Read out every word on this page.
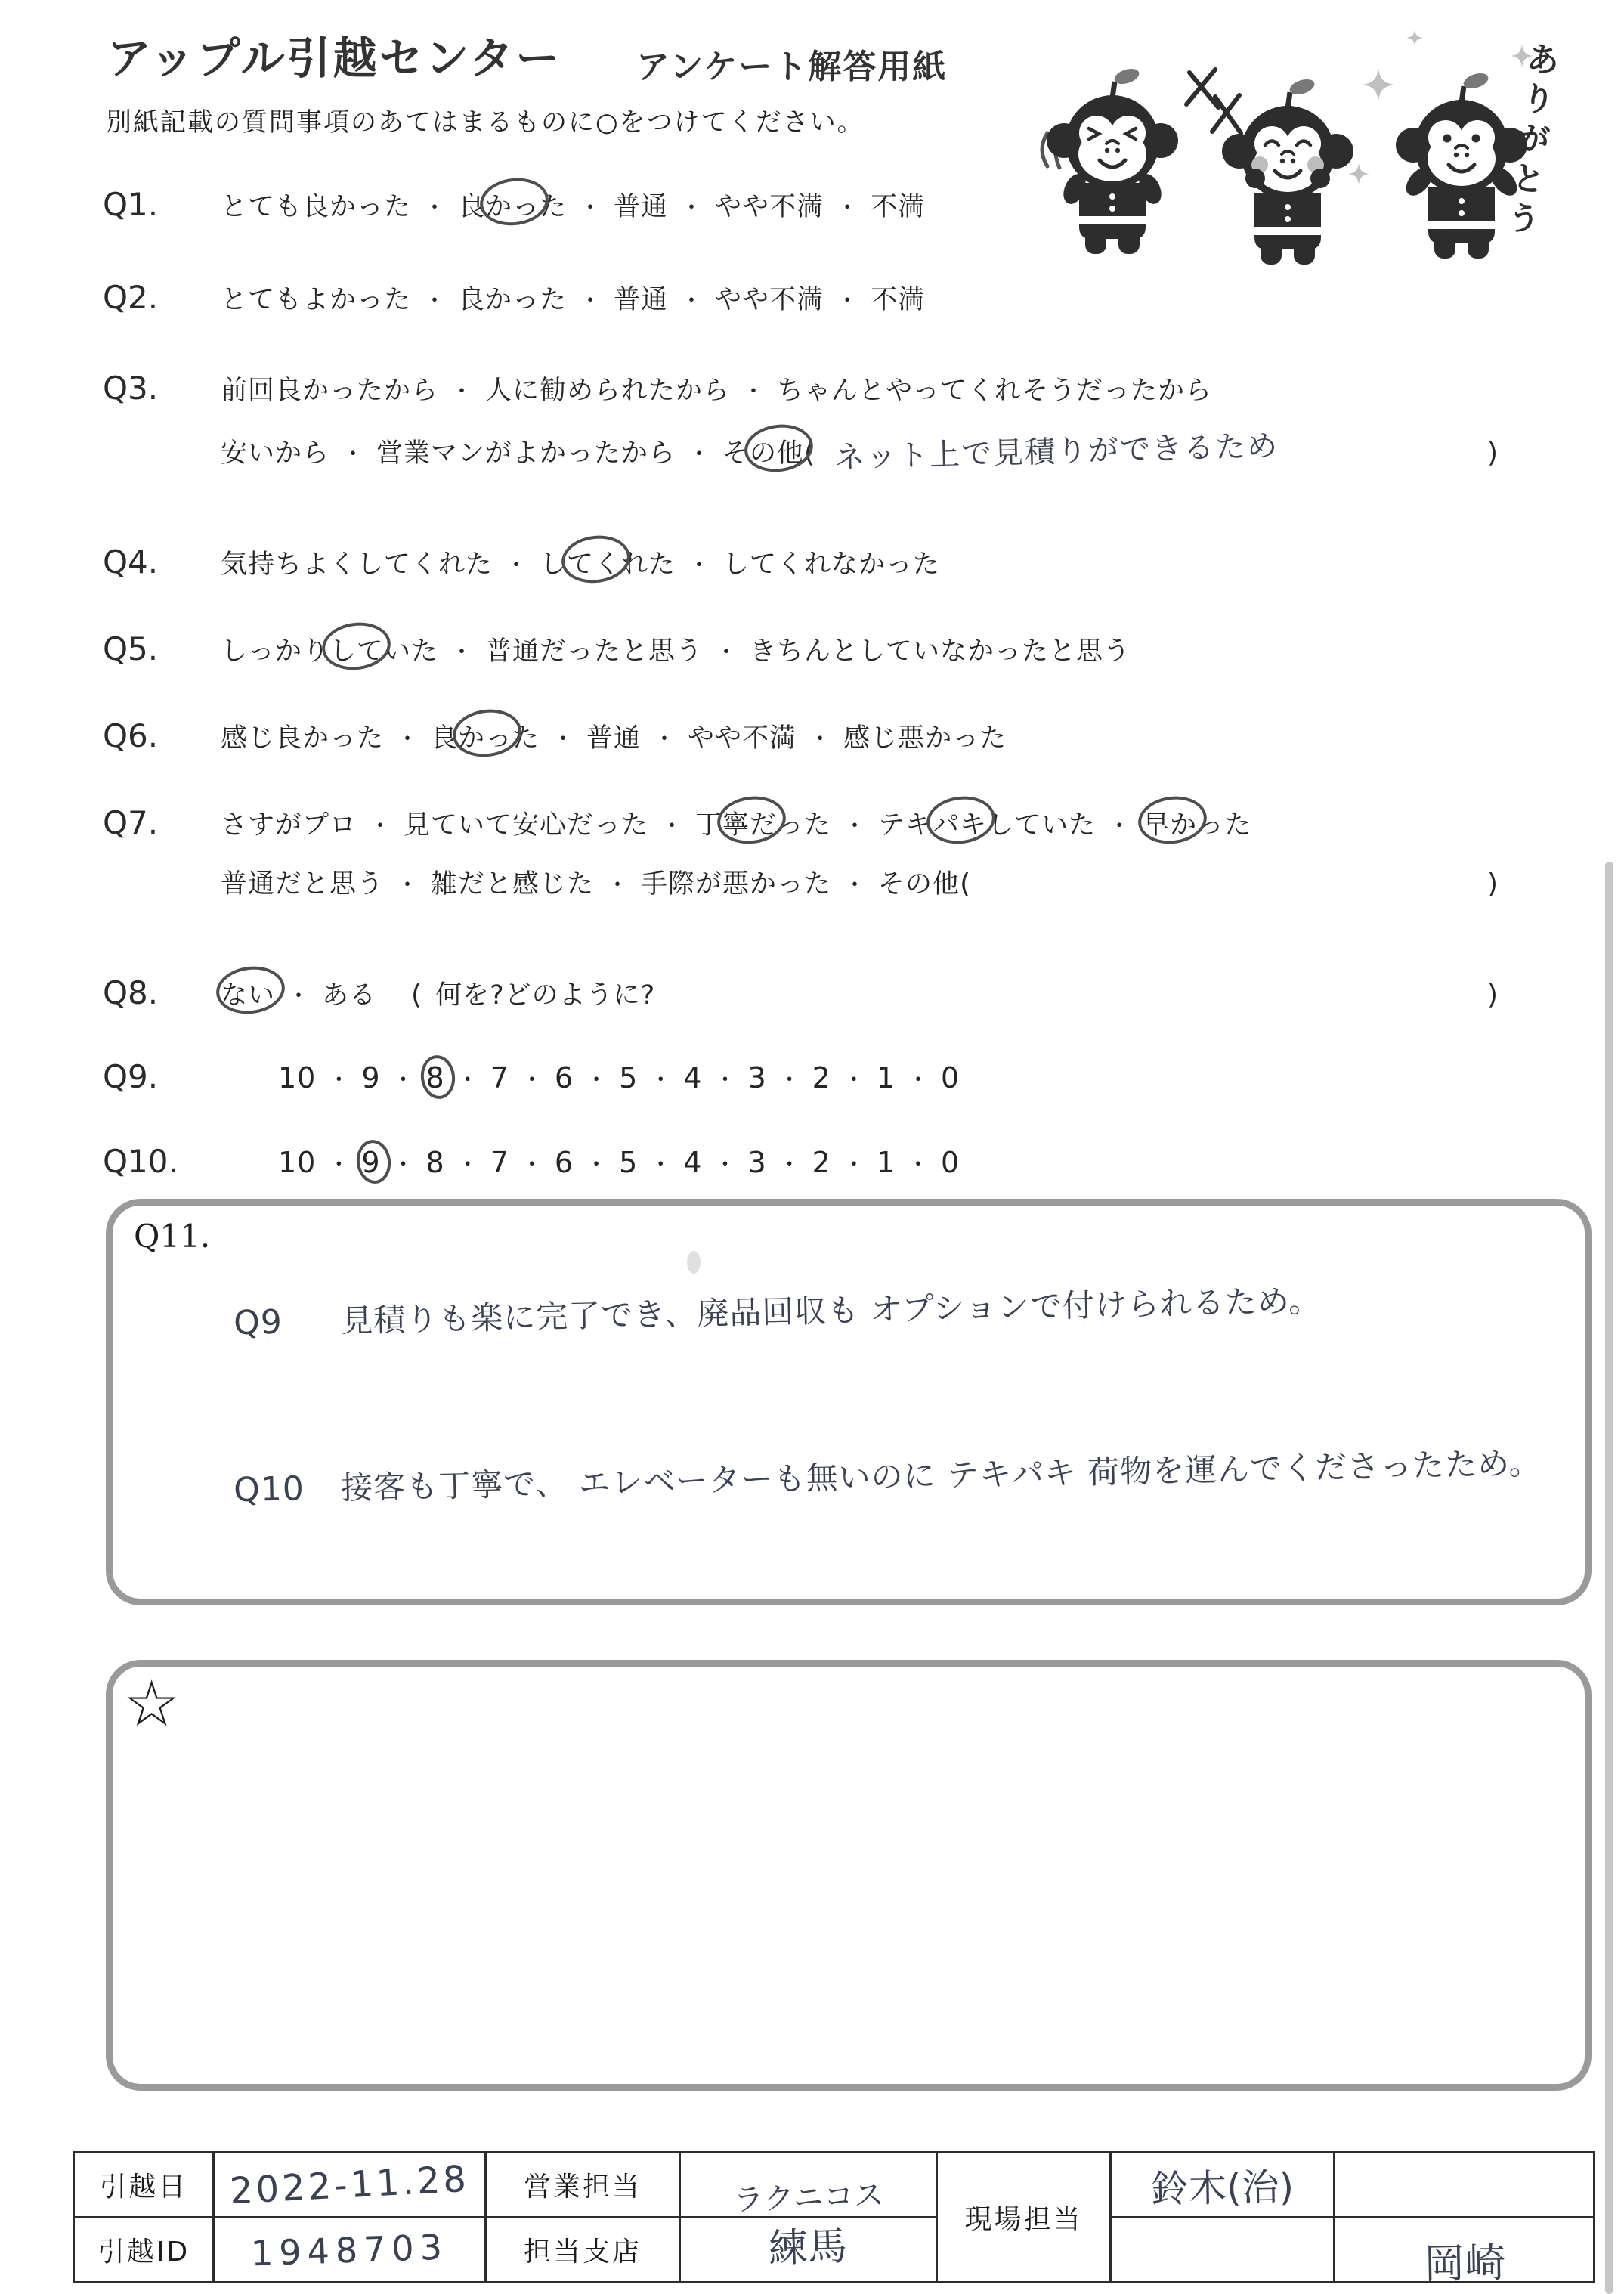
アップル引越センター アンケート解答用紙
別紙記載の質問事項のあてはまるものに○をつけてください。	ありがとう
Q1.	とても良かった ・ 良かった ・ 普通 ・ やや不満 ・ 不満
Q2.	とてもよかった ・ 良かった ・ 普通 ・ やや不満 ・ 不満
Q3.	前回良かったから ・ 人に勧められたから ・ ちゃんとやってくれそうだったから
安いから ・ 営業マンがよかったから ・ その他 ( ネット上で見積りができるため	)
Q4.	気持ちよくしてくれた ・ してくれた ・ してくれなかった
Q5.	しっかりしていた ・ 普通だったと思う ・ きちんとしていなかったと思う
Q6.	感じ良かった ・ 良かった ・ 普通 ・ やや不満 ・ 感じ悪かった
Q7.	さすがプロ ・ 見ていて安心だった ・ 丁寧だった ・ テキパキしていた ・ 早かった
普通だと思う ・ 雑だと感じた ・ 手際が悪かった ・ その他 (	)
Q8.	ない ・ ある ( 何を?どのように?	)
Q9.	10 ・ 9 ・ 8 ・ 7 ・ 6 ・ 5 ・ 4 ・ 3 ・ 2 ・ 1 ・ 0
Q10.	10 ・ 9 ・ 8 ・ 7 ・ 6 ・ 5 ・ 4 ・ 3 ・ 2 ・ 1 ・ 0
Q11.
Q9	見積りも楽に完了でき、廃品回収も オプションで付けられるため。
Q10	接客も丁寧で、 エレベーターも無いのに テキパキ 荷物を運んでくださったため。
☆
引越日	2022-11.28	営業担当	ラクニコス	現場担当	鈴木(治)	
引越ID	1948703	担当支店	練馬			岡崎
